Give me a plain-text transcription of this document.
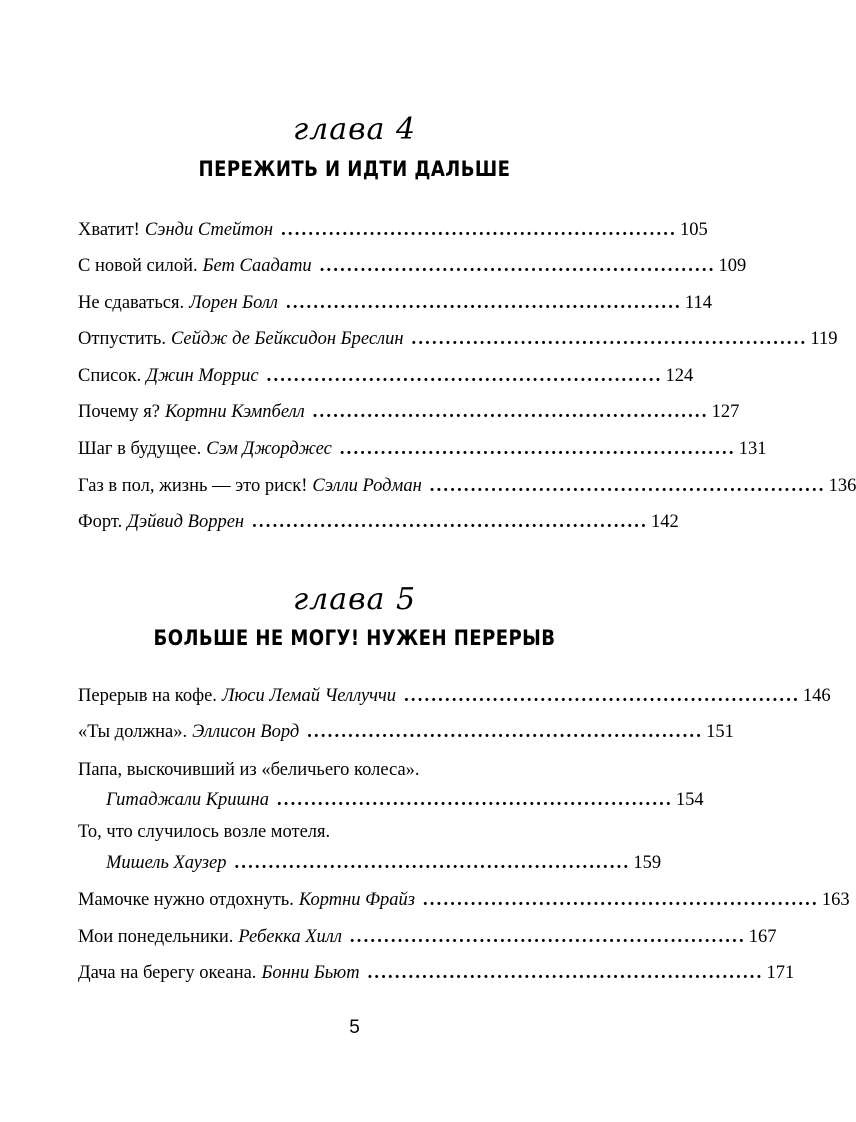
глава 4
ПЕРЕЖИТЬ И ИДТИ ДАЛЬШЕ
Хватит! Сэнди Стейтон .......................................................... 105
С новой силой. Бет Саадати .......................................................... 109
Не сдаваться. Лорен Болл .......................................................... 114
Отпустить. Сейдж де Бейксидон Бреслин .......................................................... 119
Список. Джин Моррис .......................................................... 124
Почему я? Кортни Кэмпбелл .......................................................... 127
Шаг в будущее. Сэм Джорджес .......................................................... 131
Газ в пол, жизнь — это риск! Сэлли Родман .......................................................... 136
Форт. Дэйвид Воррен .......................................................... 142
глава 5
БОЛЬШЕ НЕ МОГУ! НУЖЕН ПЕРЕРЫВ
Перерыв на кофе. Люси Лемай Челлуччи .......................................................... 146
«Ты должна». Эллисон Ворд .......................................................... 151
Папа, выскочивший из «беличьего колеса».
Гитаджали Кришна .......................................................... 154
То, что случилось возле мотеля.
Мишель Хаузер .......................................................... 159
Мамочке нужно отдохнуть. Кортни Фрайз .......................................................... 163
Мои понедельники. Ребекка Хилл .......................................................... 167
Дача на берегу океана. Бонни Бьют .......................................................... 171
5
